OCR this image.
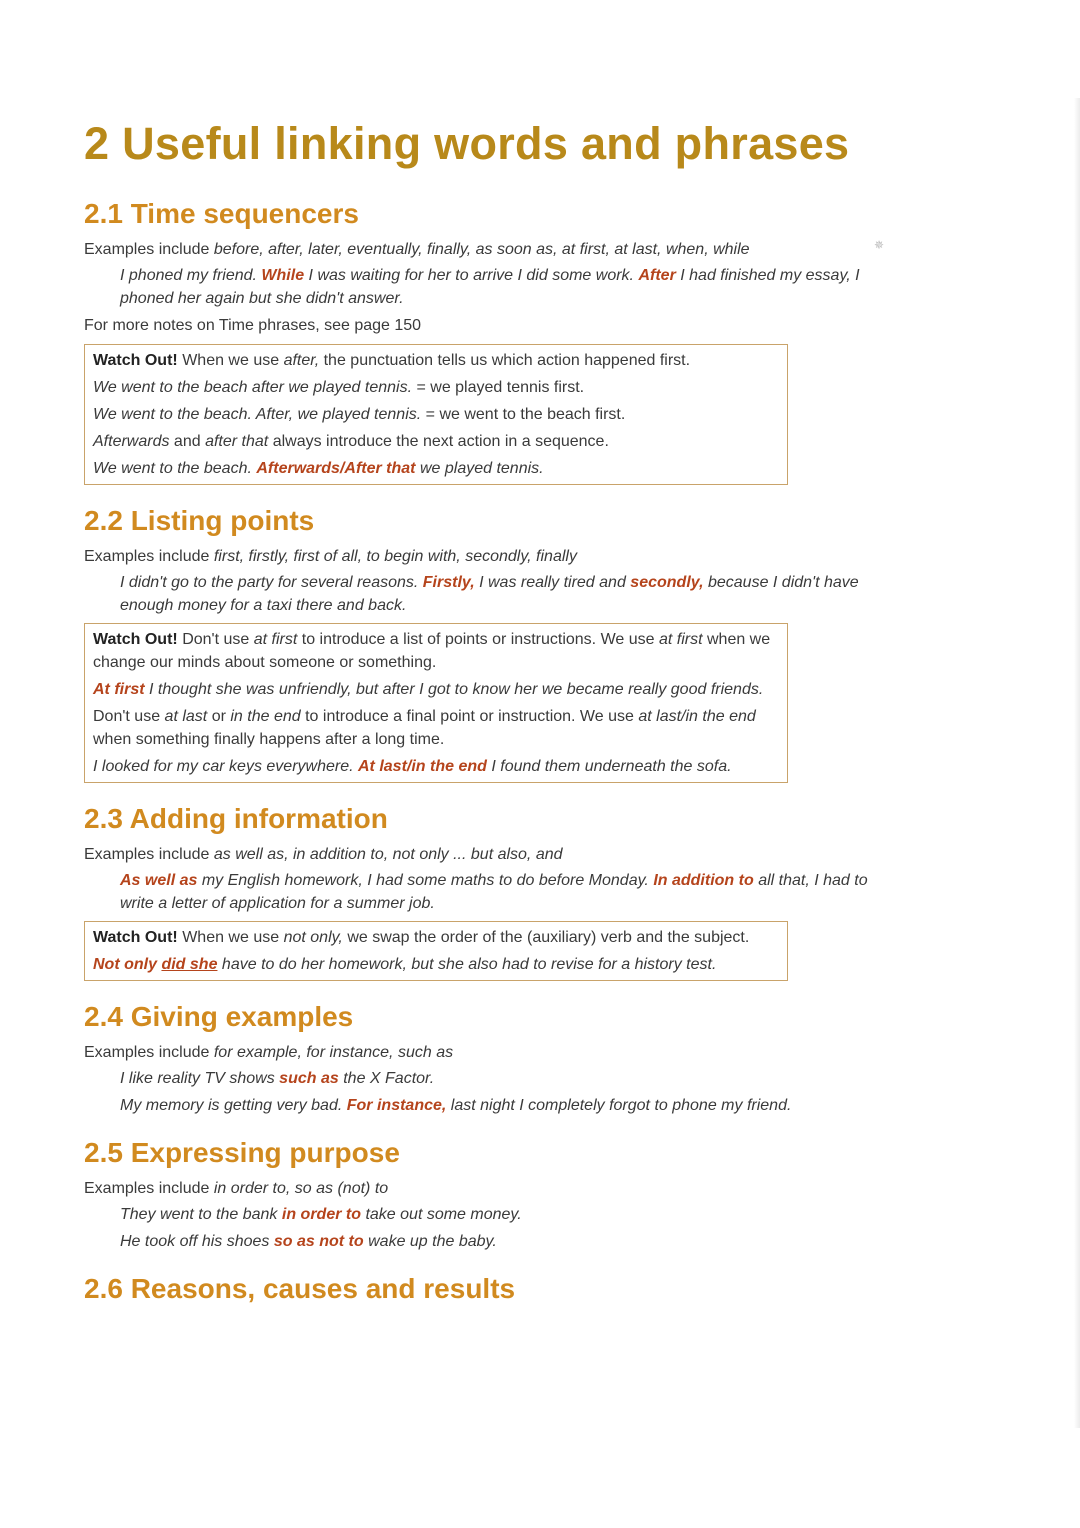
2 Useful linking words and phrases
2.1 Time sequencers

Examples include before, after, later, eventually, finally, as soon as, at first, at last, when, while	✵

I phoned my friend. While I was waiting for her to arrive I did some work. After I had finished my essay, I phoned her again but she didn't answer.

For more notes on Time phrases, see page 150

Watch Out! When we use after, the punctuation tells us which action happened first.

We went to the beach after we played tennis. = we played tennis first.

We went to the beach. After, we played tennis. = we went to the beach first.

Afterwards and after that always introduce the next action in a sequence.

We went to the beach. Afterwards/After that we played tennis.

2.2 Listing points

Examples include first, firstly, first of all, to begin with, secondly, finally

I didn't go to the party for several reasons. Firstly, I was really tired and secondly, because I didn't have enough money for a taxi there and back.

Watch Out! Don't use at first to introduce a list of points or instructions. We use at first when we change our minds about someone or something.

At first I thought she was unfriendly, but after I got to know her we became really good friends.

Don't use at last or in the end to introduce a final point or instruction. We use at last/in the end when something finally happens after a long time.

I looked for my car keys everywhere. At last/in the end I found them underneath the sofa.

2.3 Adding information

Examples include as well as, in addition to, not only ... but also, and

As well as my English homework, I had some maths to do before Monday. In addition to all that, I had to write a letter of application for a summer job.

Watch Out! When we use not only, we swap the order of the (auxiliary) verb and the subject.

Not only did she have to do her homework, but she also had to revise for a history test.

2.4 Giving examples

Examples include for example, for instance, such as

I like reality TV shows such as the X Factor.

My memory is getting very bad. For instance, last night I completely forgot to phone my friend.

2.5 Expressing purpose

Examples include in order to, so as (not) to

They went to the bank in order to take out some money.

He took off his shoes so as not to wake up the baby.

2.6 Reasons, causes and results
